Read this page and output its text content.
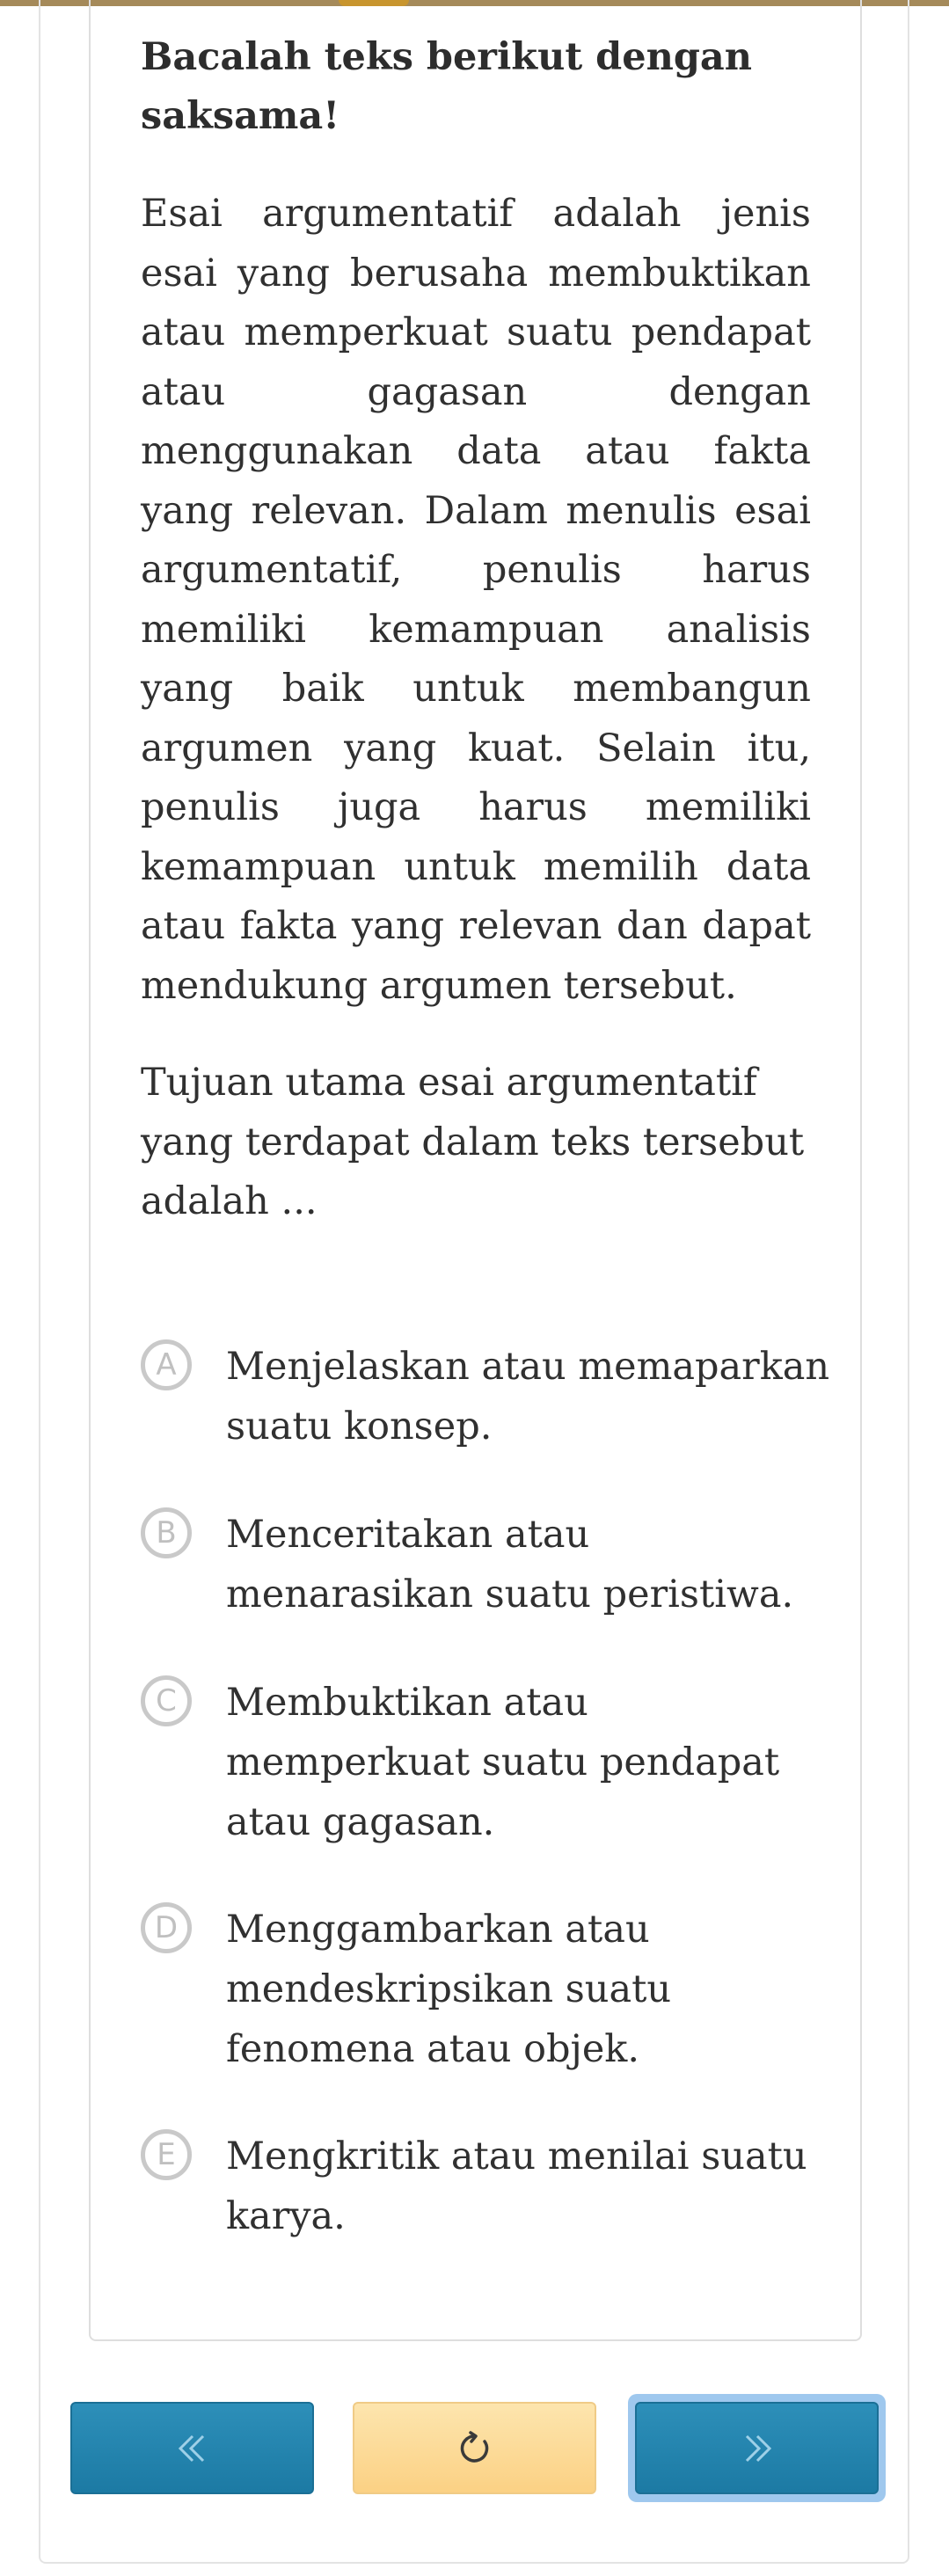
Bacalah teks berikut dengan saksama!
Esai argumentatif adalah jenis esai yang berusaha membuktikan atau memperkuat suatu pendapat atau gagasan dengan menggunakan data atau fakta yang relevan. Dalam menulis esai argumentatif, penulis harus memiliki kemampuan analisis yang baik untuk membangun argumen yang kuat. Selain itu, penulis juga harus memiliki kemampuan untuk memilih data atau fakta yang relevan dan dapat mendukung argumen tersebut.
Tujuan utama esai argumentatif yang terdapat dalam teks tersebut adalah ...
A	Menjelaskan atau memaparkan suatu konsep.
B	Menceritakan atau menarasikan suatu peristiwa.
C	Membuktikan atau memperkuat suatu pendapat atau gagasan.
D	Menggambarkan atau mendeskripsikan suatu fenomena atau objek.
E	Mengkritik atau menilai suatu karya.
